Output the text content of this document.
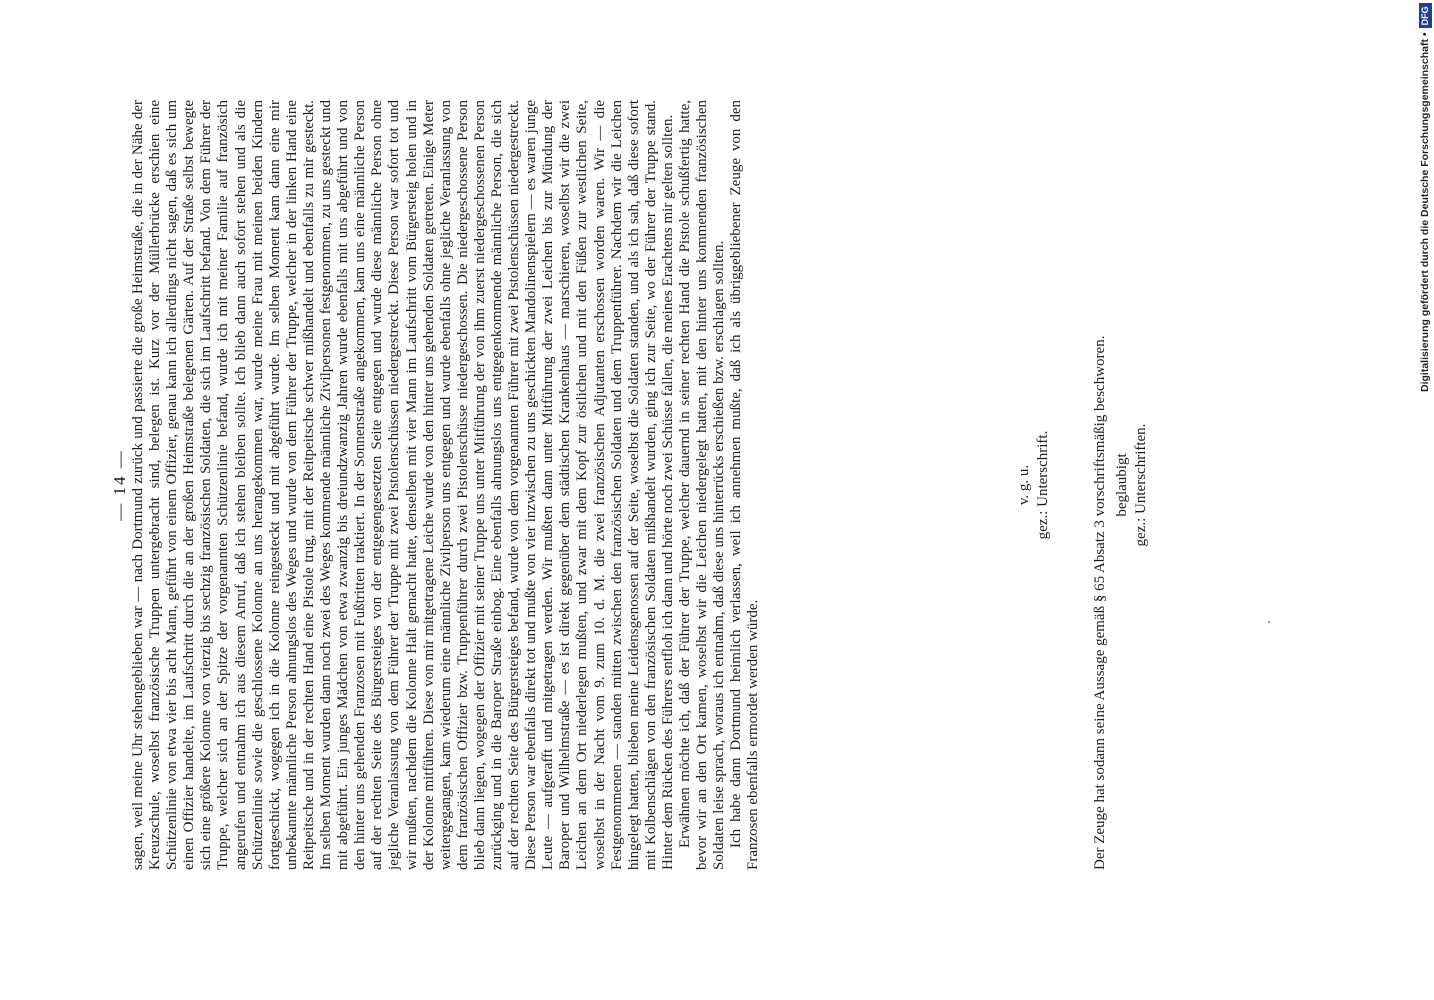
— 14 — sagen, weil meine Uhr stehengeblieben war — nach Dortmund zurück und passierte die große Heimstraße, die in der Nähe der Kreuzschule, woselbst französische Truppen untergebracht sind, belegen ist. Kurz vor der Müllerbrücke erschien eine Schützenlinie von etwa vier bis acht Mann, geführt von einem Offizier, genau kann ich allerdings nicht sagen, daß es sich um einen Offizier handelte, im Laufschritt durch die an der großen Heimstraße belegenen Gärten. Auf der Straße selbst bewegte sich eine größere Kolonne von vierzig bis sechzig französischen Soldaten, die sich im Laufschritt befand. Von dem Führer der Truppe, welcher sich an der Spitze der vorgenannten Schützenlinie befand, wurde ich mit meiner Familie auf französich angerufen und entnahm ich aus diesem Anruf, daß ich stehen bleiben sollte. Ich blieb dann auch sofort stehen und als die Schützenlinie sowie die geschlossene Kolonne an uns herangekommen war, wurde meine Frau mit meinen beiden Kindern fortgeschickt, wogegen ich in die Kolonne reingesteckt und mit abgeführt wurde. Im selben Moment kam dann eine mir unbekannte männliche Person ahnungslos des Weges und wurde von dem Führer der Truppe, welcher in der linken Hand eine Reitpeitsche und in der rechten Hand eine Pistole trug, mit der Reitpeitsche schwer mißhandelt und ebenfalls zu mir gesteckt. Im selben Moment wurden dann noch zwei des Weges kommende männliche Zivilpersonen festgenommen, zu uns gesteckt und mit abgeführt. Ein junges Mädchen von etwa zwanzig bis dreiundzwanzig Jahren wurde ebenfalls mit uns abgeführt und von den hinter uns gehenden Franzosen mit Fußtritten traktiert. In der Sonnenstraße angekommen, kam uns eine männliche Person auf der rechten Seite des Bürgersteiges von der entgegengesetzten Seite entgegen und wurde diese männliche Person ohne jegliche Veranlassung von dem Führer der Truppe mit zwei Pistolenschüssen niedergestreckt. Diese Person war sofort tot und wir mußten, nachdem die Kolonne Halt gemacht hatte, denselben mit vier Mann im Laufschritt vom Bürgersteig holen und in der Kolonne mitführen. Diese von mir mitgetragene Leiche wurde von den hinter uns gehenden Soldaten getreten. Einige Meter weitergegangen, kam wiederum eine männliche Zivilperson uns entgegen und wurde ebenfalls ohne jegliche Veranlassung von dem französischen Offizier bzw. Truppenführer durch zwei Pistolenschüsse niedergeschossen. Die niedergeschossene Person blieb dann liegen, wogegen der Offizier mit seiner Truppe uns unter Mitführung der von ihm zuerst niedergeschossenen Person zurückging und in die Baroper Straße einbog. Eine ebenfalls ahnungslos uns entgegenkommende männliche Person, die sich auf der rechten Seite des Bürgersteiges befand, wurde von dem vorgenannten Führer mit zwei Pistolenschüssen niedergestreckt. Diese Person war ebenfalls direkt tot und mußte von vier inzwischen zu uns geschickten Mandolinenspielern — es waren junge Leute — aufgerafft und mitgetragen werden. Wir mußten dann unter Mitführung der zwei Leichen bis zur Mündung der Baroper und Wilhelmstraße — es ist direkt gegenüber dem städtischen Krankenhaus — marschieren, woselbst wir die zwei Leichen an dem Ort niederlegen mußten, und zwar mit dem Kopf zur östlichen und mit den Füßen zur westlichen Seite, woselbst in der Nacht vom 9. zum 10. d. M. die zwei französischen Adjutanten erschossen worden waren. Wir — die Festgenommenen — standen mitten zwischen den französischen Soldaten und dem Truppenführer. Nachdem wir die Leichen hingelegt hatten, blieben meine Leidensgenossen auf der Seite, woselbst die Soldaten standen, und als ich sah, daß diese sofort mit Kolbenschlägen von den französischen Soldaten mißhandelt wurden, ging ich zur Seite, wo der Führer der Truppe stand. Hinter dem Rücken des Führers entfloh ich dann und hörte noch zwei Schüsse fallen, die meines Erachtens mir gelten sollten. Erwähnen möchte ich, daß der Führer der Truppe, welcher dauernd in seiner rechten Hand die Pistole schußfertig hatte, bevor wir an den Ort kamen, woselbst wir die Leichen niedergelegt hatten, mit den hinter uns kommenden französischen Soldaten leise sprach, woraus ich entnahm, daß diese uns hinterrücks erschießen bzw. erschlagen sollten. Ich habe dann Dortmund heimlich verlassen, weil ich annehmen mußte, daß ich als übriggebliebener Zeuge von den Franzosen ebenfalls ermordet werden würde.

v. g. u. gez.: Unterschrift.	Der Zeuge hat sodann seine Aussage gemäß § 65 Absatz 3 vorschriftsmäßig beschworen. beglaubigt gez.: Unterschriften.
Digitalisierung gefördert durch die Deutsche Forschungsgemeinschaft •
DFG
